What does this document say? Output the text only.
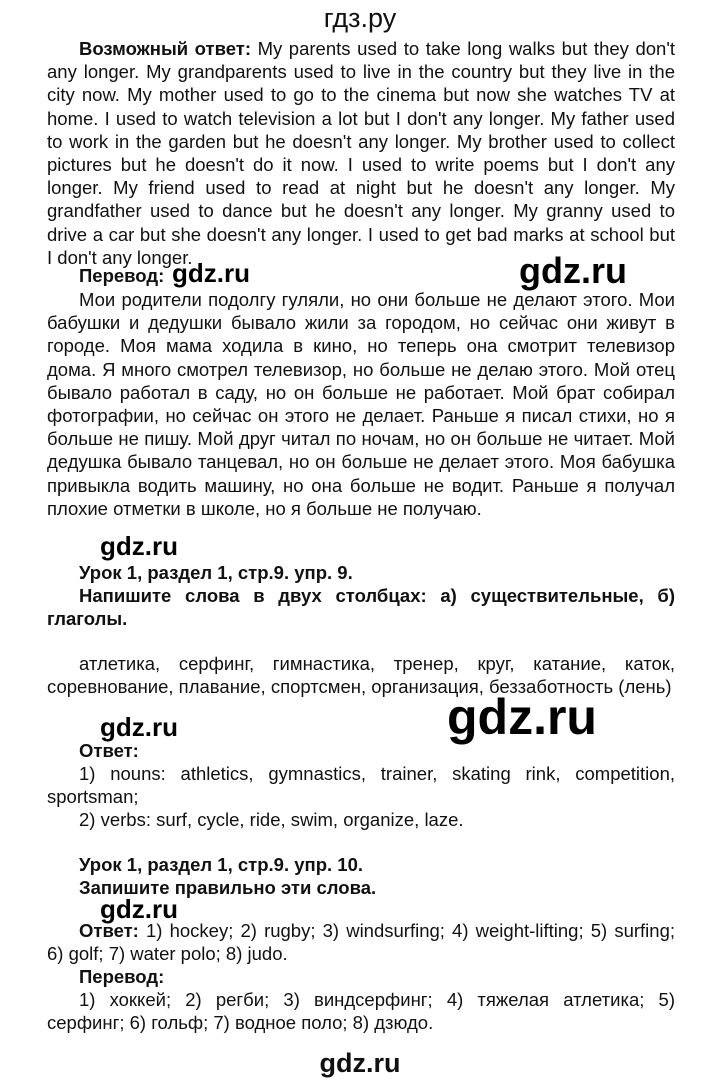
гдз.ру
Возможный ответ: My parents used to take long walks but they don't any longer. My grandparents used to live in the country but they live in the city now. My mother used to go to the cinema but now she watches TV at home. I used to watch television a lot but I don't any longer. My father used to work in the garden but he doesn't any longer. My brother used to collect pictures but he doesn't do it now. I used to write poems but I don't any longer. My friend used to read at night but he doesn't any longer. My grandfather used to dance but he doesn't any longer. My granny used to drive a car but she doesn't any longer. I used to get bad marks at school but I don't any longer.
Перевод: gdz.ru	gdz.ru
Мои родители подолгу гуляли, но они больше не делают этого. Мои бабушки и дедушки бывало жили за городом, но сейчас они живут в городе. Моя мама ходила в кино, но теперь она смотрит телевизор дома. Я много смотрел телевизор, но больше не делаю этого. Мой отец бывало работал в саду, но он больше не работает. Мой брат собирал фотографии, но сейчас он этого не делает. Раньше я писал стихи, но я больше не пишу. Мой друг читал по ночам, но он больше не читает. Мой дедушка бывало танцевал, но он больше не делает этого. Моя бабушка привыкла водить машину, но она больше не водит. Раньше я получал плохие отметки в школе, но я больше не получаю.
gdz.ru
Урок 1, раздел 1, стр.9. упр. 9.
Напишите слова в двух столбцах: а) существительные, б) глаголы.
атлетика, серфинг, гимнастика, тренер, круг, катание, каток, соревнование, плавание, спортсмен, организация, беззаботность (лень)
gdz.ru
gdz.ru
Ответ:
1) nouns: athletics, gymnastics, trainer, skating rink, competition, sportsman;
2) verbs: surf, cycle, ride, swim, organize, laze.
Урок 1, раздел 1, стр.9. упр. 10.
Запишите правильно эти слова.
gdz.ru
Ответ: 1) hockey; 2) rugby; 3) windsurfing; 4) weight-lifting; 5) surfing; 6) golf; 7) water polo; 8) judo.
Перевод:
1) хоккей; 2) регби; 3) виндсерфинг; 4) тяжелая атлетика; 5) серфинг; 6) гольф; 7) водное поло; 8) дзюдо.
gdz.ru
